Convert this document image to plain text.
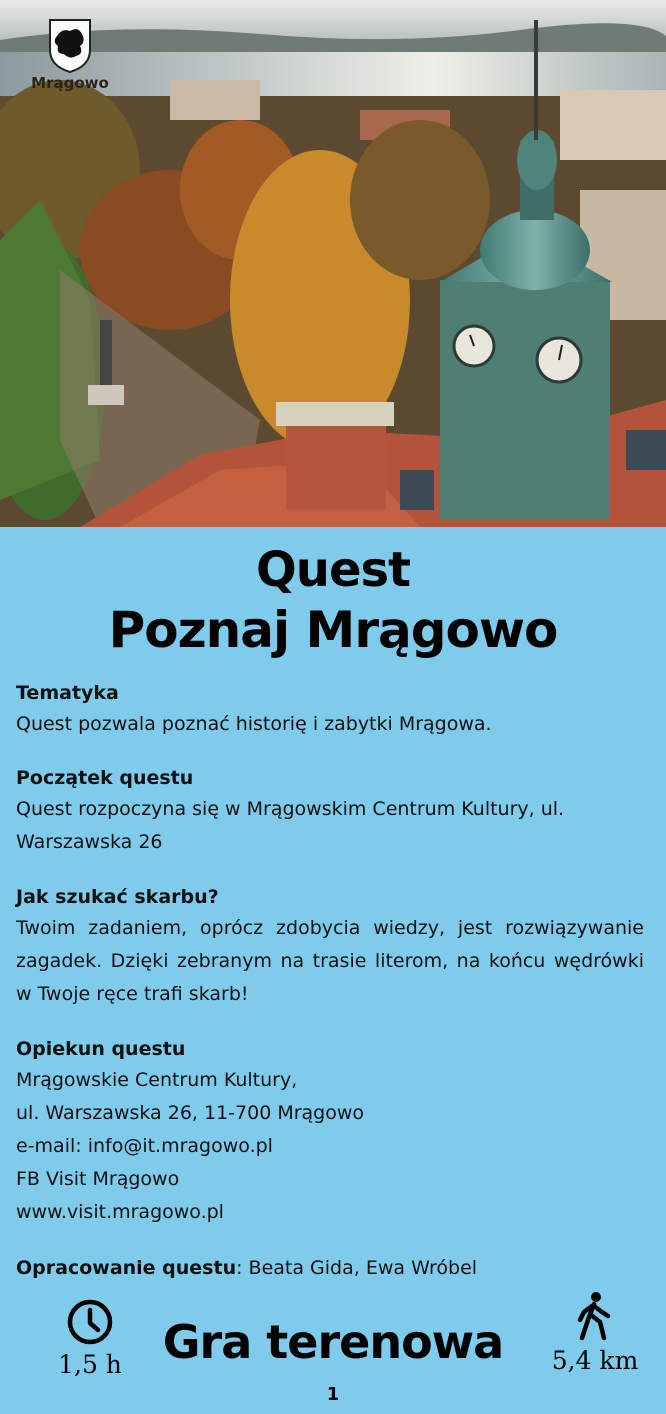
Mrągowo
Quest
Poznaj Mrągowo
Tematyka

Quest pozwala poznać historię i zabytki Mrągowa.

Początek questu

Quest rozpoczyna się w Mrągowskim Centrum Kultury, ul. Warszawska 26

Jak szukać skarbu?

Twoim zadaniem, oprócz zdobycia wiedzy, jest rozwiązywanie zagadek. Dzięki zebranym na trasie literom, na końcu wędrówki w Twoje ręce trafi skarb!

Opiekun questu

Mrągowskie Centrum Kultury,

ul. Warszawska 26, 11-700 Mrągowo

e-mail: info@it.mragowo.pl

FB Visit Mrągowo

www.visit.mragowo.pl

Opracowanie questu: Beata Gida, Ewa Wróbel

1,5 h Gra terenowa	5,4 km
1
